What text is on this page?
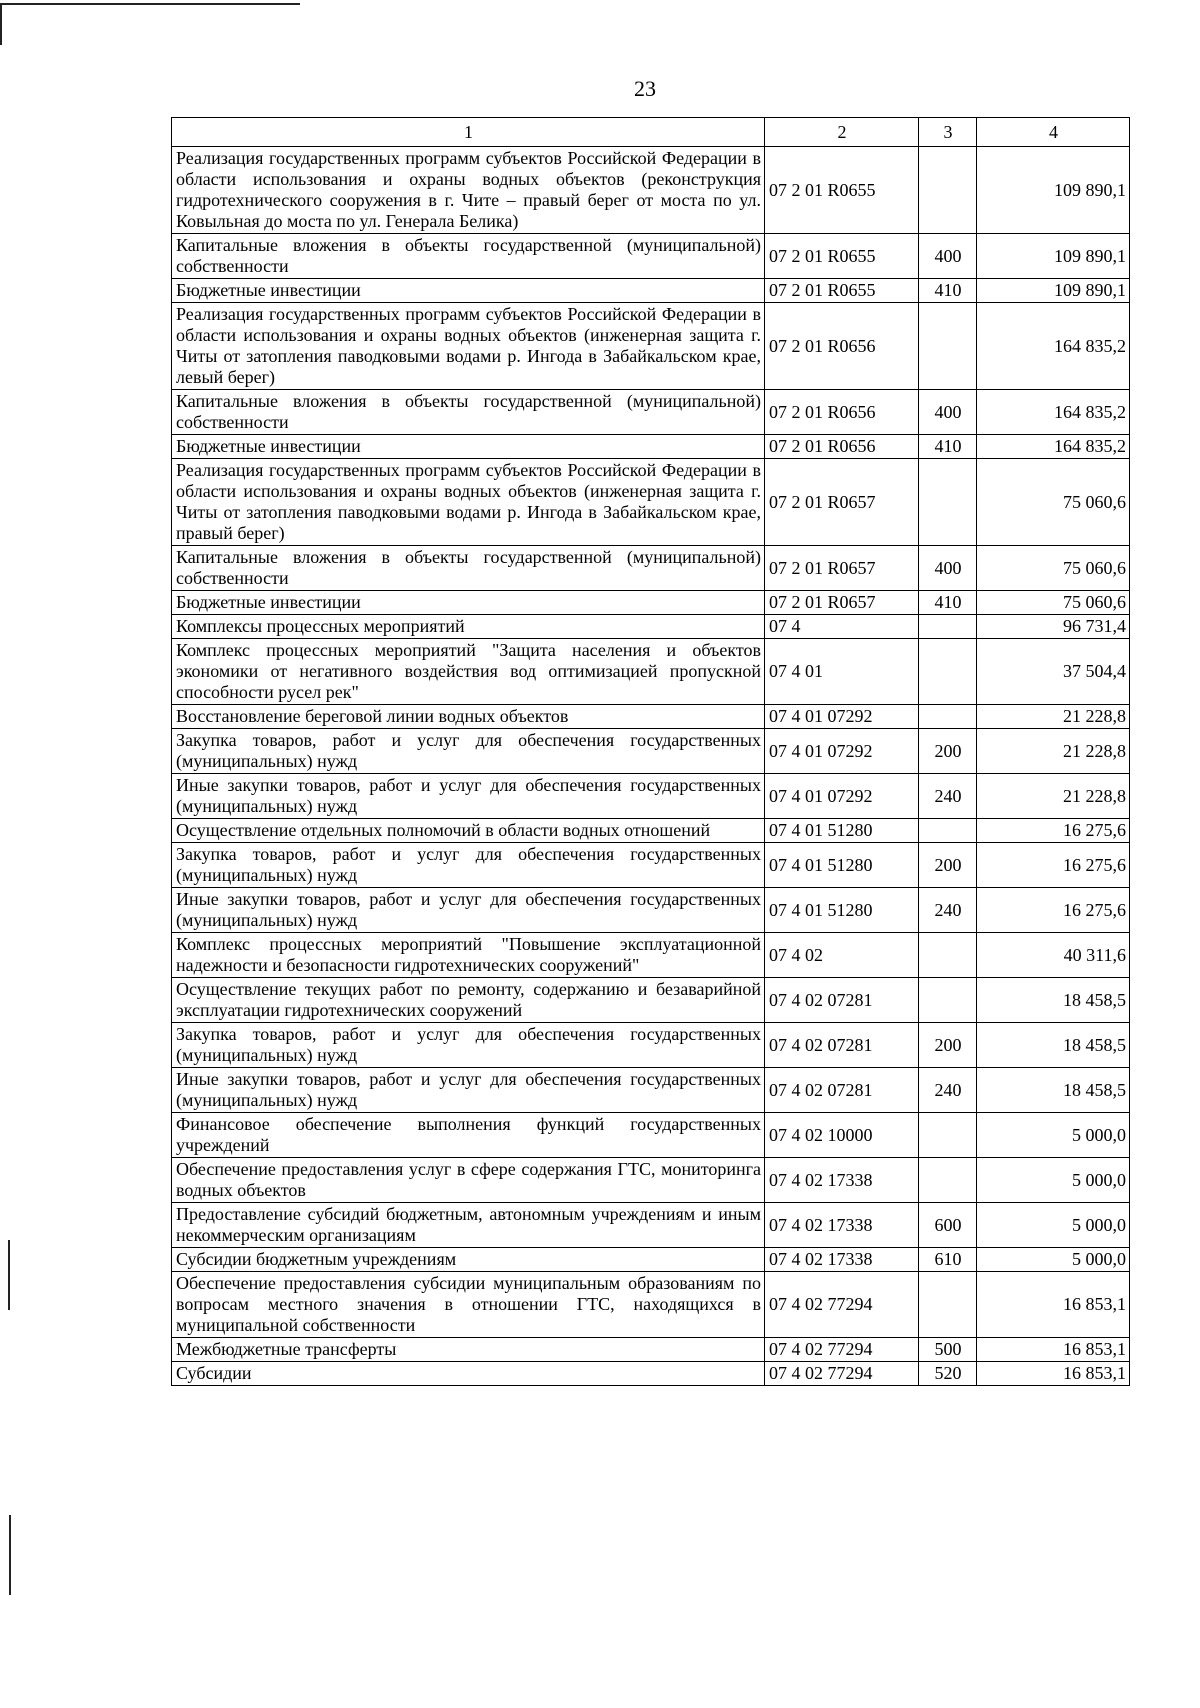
23
1	2	3	4
Реализация государственных программ субъектов Российской Федерации в области использования и охраны водных объектов (реконструкция гидротехнического сооружения в г. Чите – правый берег от моста по ул. Ковыльная до моста по ул. Генерала Белика)	07 2 01 R0655		109 890,1
Капитальные вложения в объекты государственной (муниципальной) собственности	07 2 01 R0655	400	109 890,1
Бюджетные инвестиции	07 2 01 R0655	410	109 890,1
Реализация государственных программ субъектов Российской Федерации в области использования и охраны водных объектов (инженерная защита г. Читы от затопления паводковыми водами р. Ингода в Забайкальском крае, левый берег)	07 2 01 R0656		164 835,2
Капитальные вложения в объекты государственной (муниципальной) собственности	07 2 01 R0656	400	164 835,2
Бюджетные инвестиции	07 2 01 R0656	410	164 835,2
Реализация государственных программ субъектов Российской Федерации в области использования и охраны водных объектов (инженерная защита г. Читы от затопления паводковыми водами р. Ингода в Забайкальском крае, правый берег)	07 2 01 R0657		75 060,6
Капитальные вложения в объекты государственной (муниципальной) собственности	07 2 01 R0657	400	75 060,6
Бюджетные инвестиции	07 2 01 R0657	410	75 060,6
Комплексы процессных мероприятий	07 4		96 731,4
Комплекс процессных мероприятий "Защита населения и объектов экономики от негативного воздействия вод оптимизацией пропускной способности русел рек"	07 4 01		37 504,4
Восстановление береговой линии водных объектов	07 4 01 07292		21 228,8
Закупка товаров, работ и услуг для обеспечения государственных (муниципальных) нужд	07 4 01 07292	200	21 228,8
Иные закупки товаров, работ и услуг для обеспечения государственных (муниципальных) нужд	07 4 01 07292	240	21 228,8
Осуществление отдельных полномочий в области водных отношений	07 4 01 51280		16 275,6
Закупка товаров, работ и услуг для обеспечения государственных (муниципальных) нужд	07 4 01 51280	200	16 275,6
Иные закупки товаров, работ и услуг для обеспечения государственных (муниципальных) нужд	07 4 01 51280	240	16 275,6
Комплекс процессных мероприятий "Повышение эксплуатационной надежности и безопасности гидротехнических сооружений"	07 4 02		40 311,6
Осуществление текущих работ по ремонту, содержанию и безаварийной эксплуатации гидротехнических сооружений	07 4 02 07281		18 458,5
Закупка товаров, работ и услуг для обеспечения государственных (муниципальных) нужд	07 4 02 07281	200	18 458,5
Иные закупки товаров, работ и услуг для обеспечения государственных (муниципальных) нужд	07 4 02 07281	240	18 458,5
Финансовое обеспечение выполнения функций государственных учреждений	07 4 02 10000		5 000,0
Обеспечение предоставления услуг в сфере содержания ГТС, мониторинга водных объектов	07 4 02 17338		5 000,0
Предоставление субсидий бюджетным, автономным учреждениям и иным некоммерческим организациям	07 4 02 17338	600	5 000,0
Субсидии бюджетным учреждениям	07 4 02 17338	610	5 000,0
Обеспечение предоставления субсидии муниципальным образованиям по вопросам местного значения в отношении ГТС, находящихся в муниципальной собственности	07 4 02 77294		16 853,1
Межбюджетные трансферты	07 4 02 77294	500	16 853,1
Субсидии	07 4 02 77294	520	16 853,1
